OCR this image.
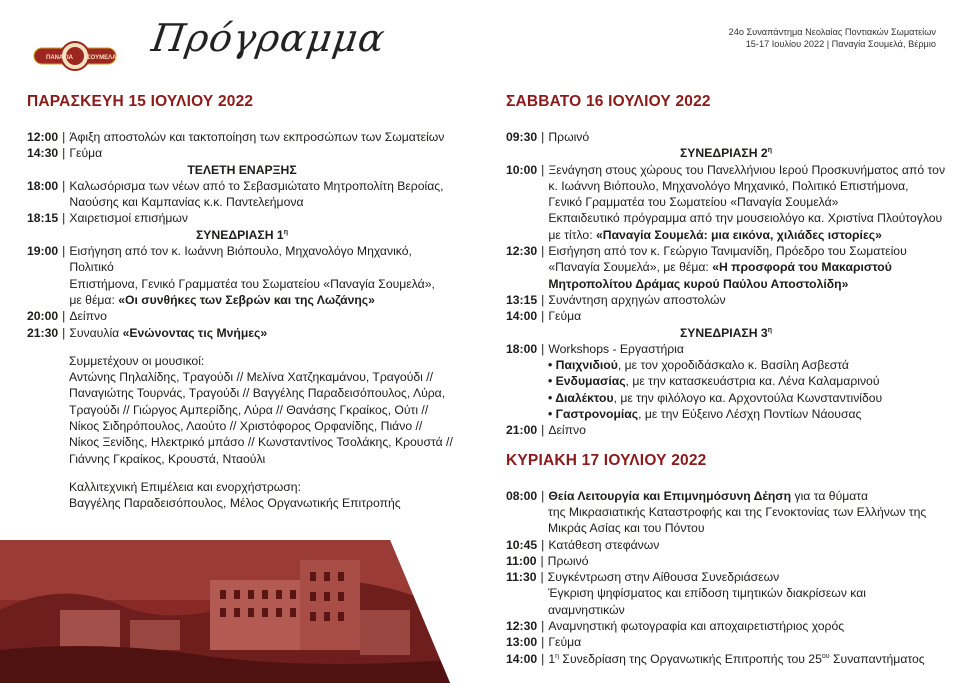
ΠΑΝΑΓΙΑ ΣΟΥΜΕΛΑ Πρόγραμμα	24ο Συναπάντημα Νεολαίας Ποντιακών Σωματείων
15-17 Ιουλίου 2022 | Παναγία Σουμελά, Βέρμιο
ΠΑΡΑΣΚΕΥΗ 15 ΙΟΥΛΙΟΥ 2022
12:00 | Άφιξη αποστολών και τακτοποίηση των εκπροσώπων των Σωματείων
14:30 | Γεύμα
ΤΕΛΕΤΗ ΕΝΑΡΞΗΣ
18:00 | Καλωσόρισμα των νέων από το Σεβασμιώτατο Μητροπολίτη Βεροίας,
Ναούσης και Καμπανίας κ.κ. Παντελεήμονα
18:15 | Χαιρετισμοί επισήμων
ΣΥΝΕΔΡΙΑΣΗ $1^\eta$
19:00 | Εισήγηση από τον κ. Ιωάννη Βιόπουλο, Μηχανολόγο Μηχανικό, Πολιτικό
Επιστήμονα, Γενικό Γραμματέα του Σωματείου «Παναγία Σουμελά»,
με θέμα: «Οι συνθήκες των Σεβρών και της Λωζάνης»
20:00 | Δείπνο
21:30 | Συναυλία «Ενώνοντας τις Μνήμες»
Συμμετέχουν οι μουσικοί:
Αντώνης Πηλαλίδης, Τραγούδι // Μελίνα Χατζηκαμάνου, Τραγούδι //
Παναγιώτης Τουρνάς, Τραγούδι // Βαγγέλης Παραδεισόπουλος, Λύρα,
Τραγούδι // Γιώργος Αμπερίδης, Λύρα // Θανάσης Γκραίκος, Ούτι //
Νίκος Σιδηρόπουλος, Λαούτο // Χριστόφορος Ορφανίδης, Πιάνο //
Νίκος Ξενίδης, Ηλεκτρικό μπάσο // Κωνσταντίνος Τσολάκης, Κρουστά //
Γιάννης Γκραίκος, Κρουστά, Νταούλι
Καλλιτεχνική Επιμέλεια και ενορχήστρωση:
Βαγγέλης Παραδεισόπουλος, Μέλος Οργανωτικής Επιτροπής
ΣΑΒΒΑΤΟ 16 ΙΟΥΛΙΟΥ 2022
09:30 | Πρωινό
ΣΥΝΕΔΡΙΑΣΗ $2^\eta$
10:00 | Ξενάγηση στους χώρους του Πανελλήνιου Ιερού Προσκυνήματος από τον
κ. Ιωάννη Βιόπουλο, Μηχανολόγο Μηχανικό, Πολιτικό Επιστήμονα,
Γενικό Γραμματέα του Σωματείου «Παναγία Σουμελά»
Εκπαιδευτικό πρόγραμμα από την μουσειολόγο κα. Χριστίνα Πλούτογλου
με τίτλο: «Παναγία Σουμελά: μια εικόνα, χιλιάδες ιστορίες»
12:30 | Εισήγηση από τον κ. Γεώργιο Τανιμανίδη, Πρόεδρο του Σωματείου
«Παναγία Σουμελά», με θέμα: «Η προσφορά του Μακαριστού
Μητροπολίτου Δράμας κυρού Παύλου Αποστολίδη»
13:15 | Συνάντηση αρχηγών αποστολών
14:00 | Γεύμα
ΣΥΝΕΔΡΙΑΣΗ $3^\eta$
18:00 | Workshops - Εργαστήρια
• Παιχνιδιού, με τον χοροδιδάσκαλο κ. Βασίλη Ασβεστά
• Ενδυμασίας, με την κατασκευάστρια κα. Λένα Καλαμαρινού
• Διαλέκτου, με την φιλόλογο κα. Αρχοντούλα Κωνσταντινίδου
• Γαστρονομίας, με την Εύξεινο Λέσχη Ποντίων Νάουσας
21:00 | Δείπνο
ΚΥΡΙΑΚΗ 17 ΙΟΥΛΙΟΥ 2022
08:00 | Θεία Λειτουργία και Επιμνημόσυνη Δέηση για τα θύματα
της Μικρασιατικής Καταστροφής και της Γενοκτονίας των Ελλήνων της
Μικράς Ασίας και του Πόντου
10:45 | Κατάθεση στεφάνων
11:00 | Πρωινό
11:30 | Συγκέντρωση στην Αίθουσα Συνεδριάσεων
Έγκριση ψηφίσματος και επίδοση τιμητικών διακρίσεων και αναμνηστικών
12:30 | Αναμνηστική φωτογραφία και αποχαιρετιστήριος χορός
13:00 | Γεύμα
14:00 | $1^\eta$ Συνεδρίαση της Οργανωτικής Επιτροπής του $25^{o\upsilon}$ Συναπαντήματος
